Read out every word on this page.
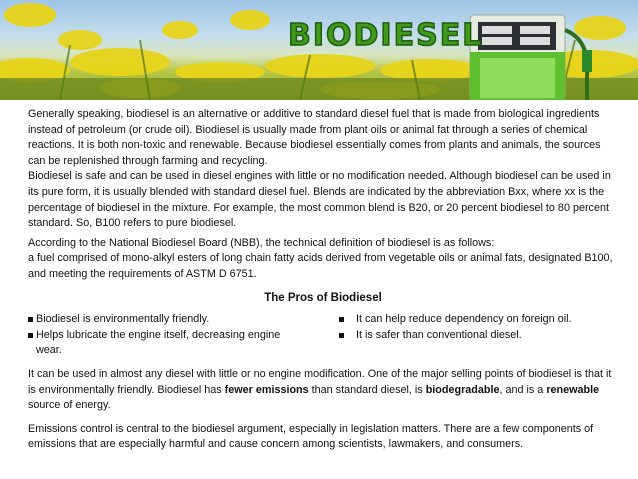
BIODIESEL

Generally speaking, biodiesel is an alternative or additive to standard diesel fuel that is made from biological ingredients instead of petroleum (or crude oil). Biodiesel is usually made from plant oils or animal fat through a series of chemical reactions. It is both non-toxic and renewable. Because biodiesel essentially comes from plants and animals, the sources can be replenished through farming and recycling.

Biodiesel is safe and can be used in diesel engines with little or no modification needed. Although biodiesel can be used in its pure form, it is usually blended with standard diesel fuel. Blends are indicated by the abbreviation Bxx, where xx is the percentage of biodiesel in the mixture. For example, the most common blend is B20, or 20 percent biodiesel to 80 percent standard. So, B100 refers to pure biodiesel.

According to the National Biodiesel Board (NBB), the technical definition of biodiesel is as follows:

a fuel comprised of mono-alkyl esters of long chain fatty acids derived from vegetable oils or animal fats, designated B100, and meeting the requirements of ASTM D 6751.

The Pros of Biodiesel
Biodiesel is environmentally friendly.
Helps lubricate the engine itself, decreasing engine wear.
It can help reduce dependency on foreign oil.
It is safer than conventional diesel.

It can be used in almost any diesel with little or no engine modification. One of the major selling points of biodiesel is that it is environmentally friendly. Biodiesel has fewer emissions than standard diesel, is biodegradable, and is a renewable source of energy.

Emissions control is central to the biodiesel argument, especially in legislation matters. There are a few components of emissions that are especially harmful and cause concern among scientists, lawmakers, and consumers.
